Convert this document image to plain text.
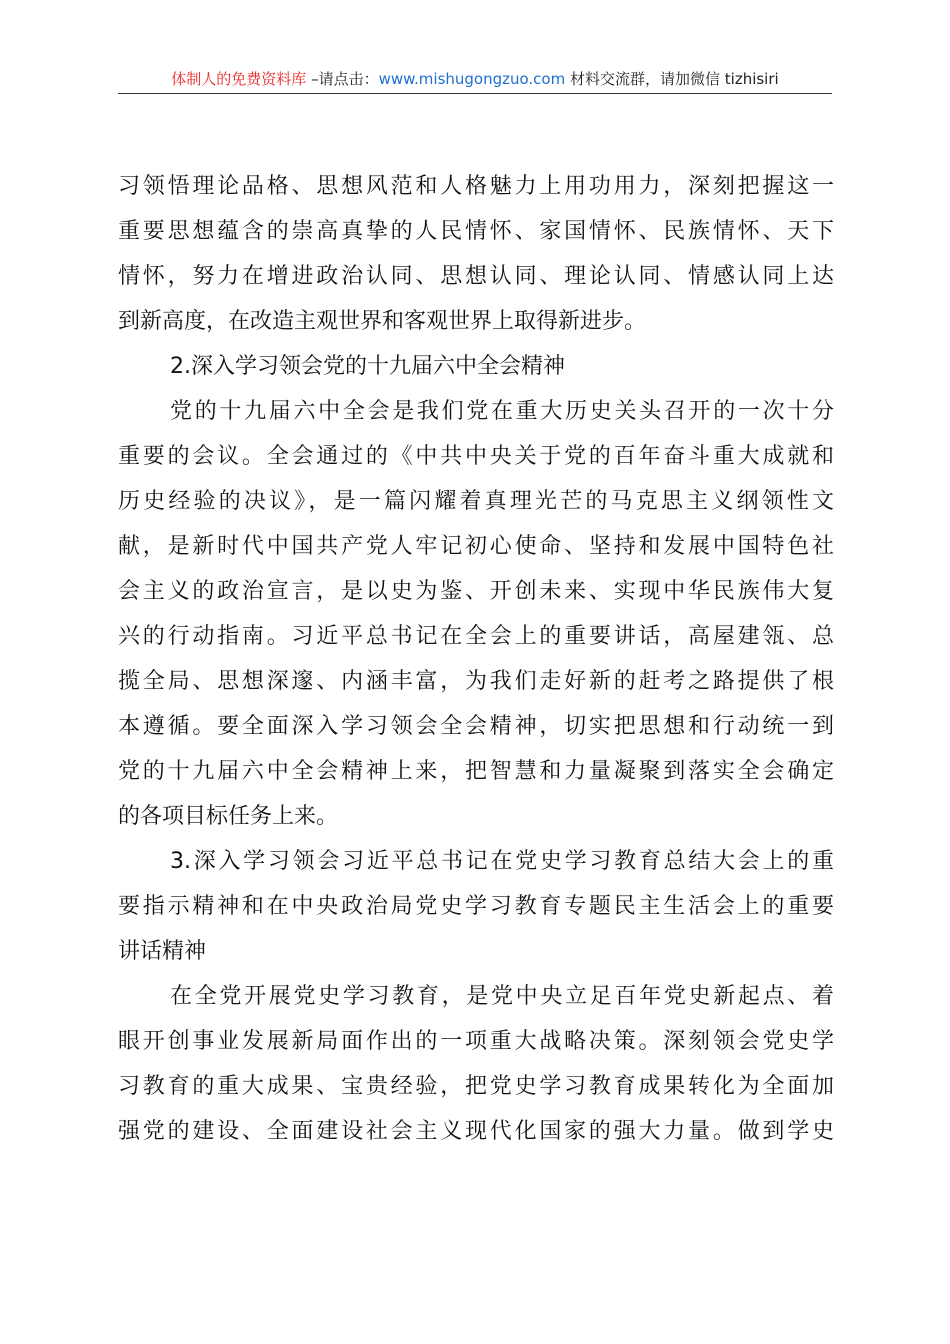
体制人的免费资料库 –请点击：www.mishugongzuo.com 材料交流群，请加微信 tizhisiri
习领悟理论品格、思想风范和人格魅力上用功用力，深刻把握这一
重要思想蕴含的崇高真挚的人民情怀、家国情怀、民族情怀、天下
情怀，努力在增进政治认同、思想认同、理论认同、情感认同上达
到新高度，在改造主观世界和客观世界上取得新进步。
2.深入学习领会党的十九届六中全会精神
党的十九届六中全会是我们党在重大历史关头召开的一次十分
重要的会议。全会通过的《中共中央关于党的百年奋斗重大成就和
历史经验的决议》，是一篇闪耀着真理光芒的马克思主义纲领性文
献，是新时代中国共产党人牢记初心使命、坚持和发展中国特色社
会主义的政治宣言，是以史为鉴、开创未来、实现中华民族伟大复
兴的行动指南。习近平总书记在全会上的重要讲话，高屋建瓴、总
揽全局、思想深邃、内涵丰富，为我们走好新的赶考之路提供了根
本遵循。要全面深入学习领会全会精神，切实把思想和行动统一到
党的十九届六中全会精神上来，把智慧和力量凝聚到落实全会确定
的各项目标任务上来。
3.深入学习领会习近平总书记在党史学习教育总结大会上的重
要指示精神和在中央政治局党史学习教育专题民主生活会上的重要
讲话精神
在全党开展党史学习教育，是党中央立足百年党史新起点、着
眼开创事业发展新局面作出的一项重大战略决策。深刻领会党史学
习教育的重大成果、宝贵经验，把党史学习教育成果转化为全面加
强党的建设、全面建设社会主义现代化国家的强大力量。做到学史
